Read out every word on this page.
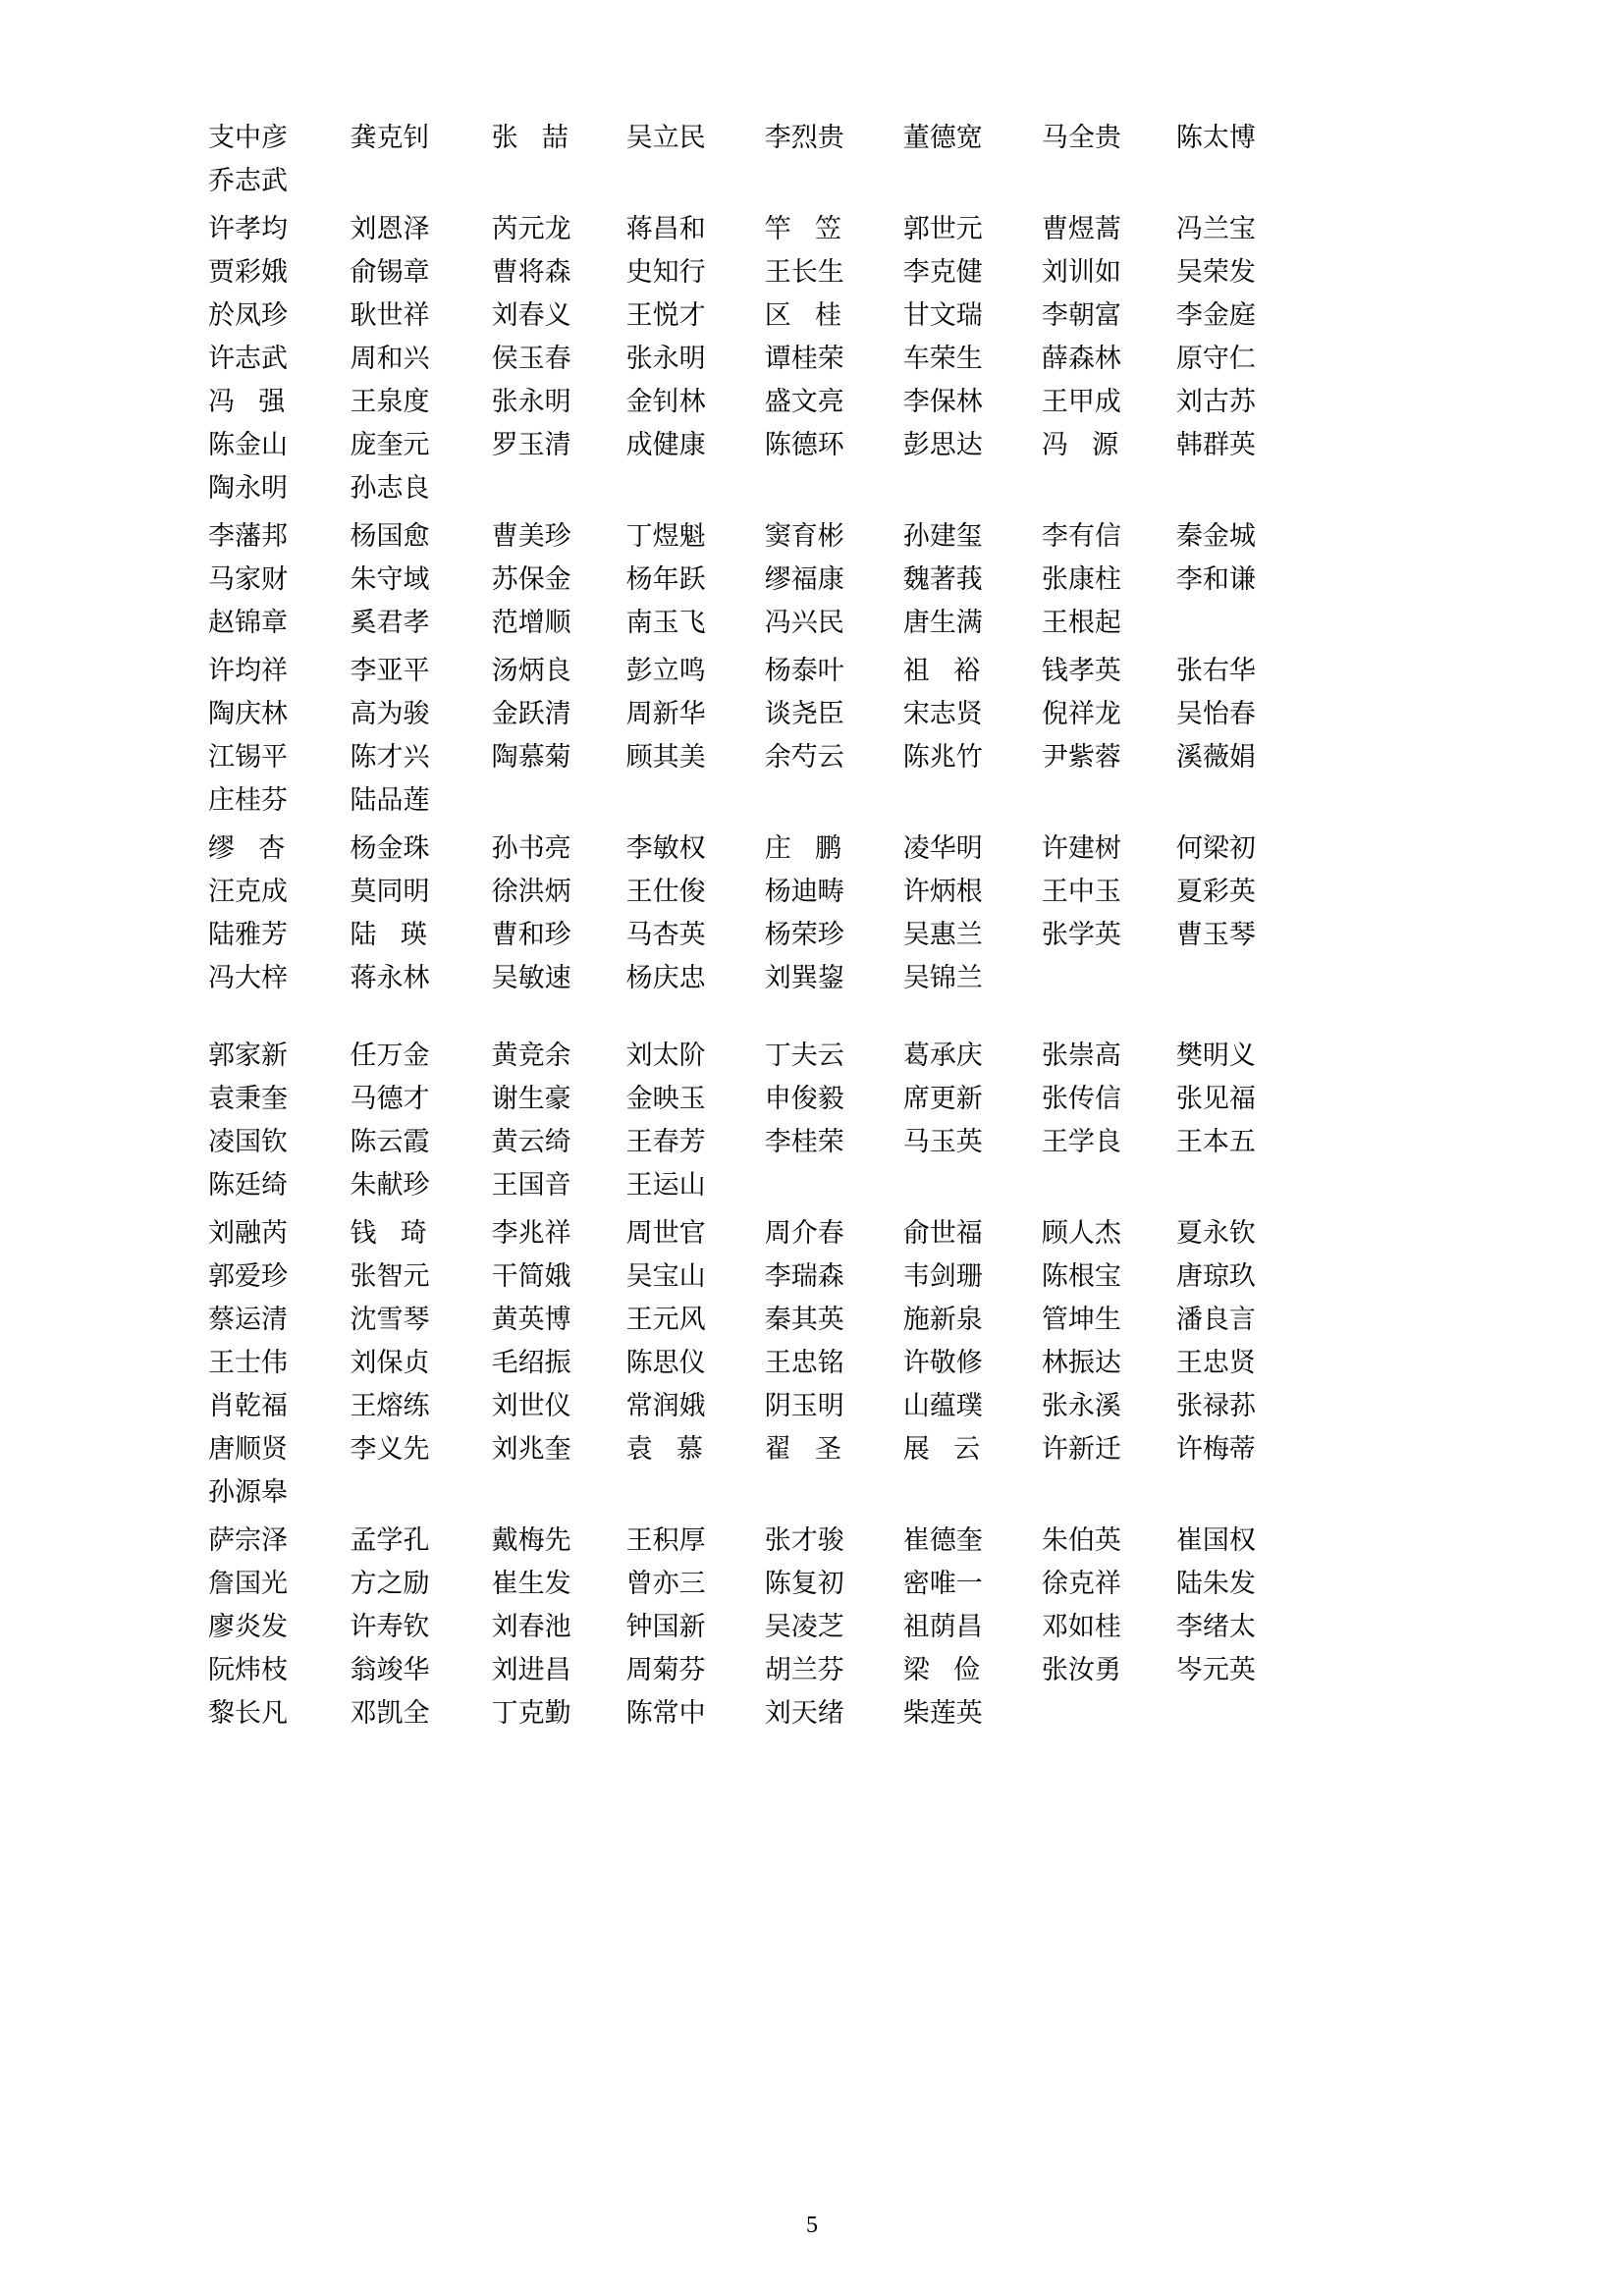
支中彦	龚克钊	张喆	吴立民	李烈贵	董德宽	马全贵	陈太博
乔志武							
许孝均	刘恩泽	芮元龙	蒋昌和	竿笠	郭世元	曹煜蒿	冯兰宝
贾彩娥	俞锡章	曹将森	史知行	王长生	李克健	刘训如	吴荣发
於凤珍	耿世祥	刘春义	王悦才	区桂	甘文瑞	李朝富	李金庭
许志武	周和兴	侯玉春	张永明	谭桂荣	车荣生	薛森林	原守仁
冯强	王泉度	张永明	金钊林	盛文亮	李保林	王甲成	刘古苏
陈金山	庞奎元	罗玉清	成健康	陈德环	彭思达	冯源	韩群英
陶永明	孙志良						
李藩邦	杨国愈	曹美珍	丁煜魁	窦育彬	孙建玺	李有信	秦金城
马家财	朱守域	苏保金	杨年跃	缪福康	魏著莪	张康柱	李和谦
赵锦章	奚君孝	范增顺	南玉飞	冯兴民	唐生满	王根起	
许均祥	李亚平	汤炳良	彭立鸣	杨泰叶	祖裕	钱孝英	张右华
陶庆林	高为骏	金跃清	周新华	谈尧臣	宋志贤	倪祥龙	吴怡春
江锡平	陈才兴	陶慕菊	顾其美	余芍云	陈兆竹	尹紫蓉	溪薇娟
庄桂芬	陆品莲						
缪杏	杨金珠	孙书亮	李敏权	庄鹏	凌华明	许建树	何梁初
汪克成	莫同明	徐洪炳	王仕俊	杨迪畴	许炳根	王中玉	夏彩英
陆雅芳	陆瑛	曹和珍	马杏英	杨荣珍	吴惠兰	张学英	曹玉琴
冯大梓	蒋永林	吴敏速	杨庆忠	刘巽鋆	吴锦兰		
郭家新	任万金	黄竞余	刘太阶	丁夫云	葛承庆	张崇高	樊明义
袁秉奎	马德才	谢生豪	金映玉	申俊毅	席更新	张传信	张见福
凌国钦	陈云霞	黄云绮	王春芳	李桂荣	马玉英	王学良	王本五
陈廷绮	朱献珍	王国音	王运山				
刘融芮	钱琦	李兆祥	周世官	周介春	俞世福	顾人杰	夏永钦
郭爱珍	张智元	干简娥	吴宝山	李瑞森	韦剑珊	陈根宝	唐琼玖
蔡运清	沈雪琴	黄英博	王元风	秦其英	施新泉	管坤生	潘良言
王士伟	刘保贞	毛绍振	陈思仪	王忠铭	许敬修	林振达	王忠贤
肖乾福	王熔练	刘世仪	常润娥	阴玉明	山蕴璞	张永溪	张禄荪
唐顺贤	李义先	刘兆奎	袁慕	翟圣	展云	许新迁	许梅蒂
孙源皋							
萨宗泽	孟学孔	戴梅先	王积厚	张才骏	崔德奎	朱伯英	崔国权
詹国光	方之励	崔生发	曾亦三	陈复初	密唯一	徐克祥	陆朱发
廖炎发	许寿钦	刘春池	钟国新	吴凌芝	祖荫昌	邓如桂	李绪太
阮炜枝	翁竣华	刘进昌	周菊芬	胡兰芬	梁俭	张汝勇	岑元英
黎长凡	邓凯全	丁克勤	陈常中	刘天绪	柴莲英		
5
